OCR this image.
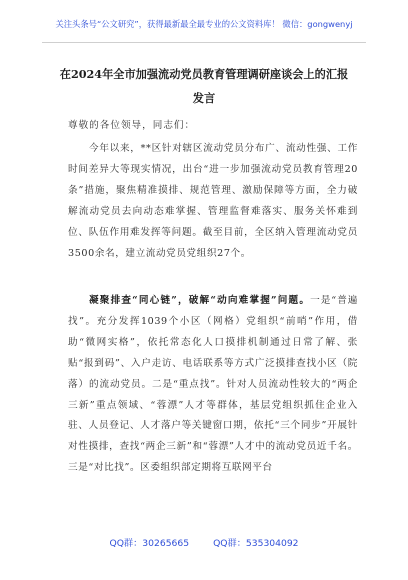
关注头条号“公文研究”，获得最新最全最专业的公文资料库！ 微信：gongwenyj
在2024年全市加强流动党员教育管理调研座谈会上的汇报
发言
尊敬的各位领导，同志们：
今年以来，**区针对辖区流动党员分布广、流动性强、工作时间差异大等现实情况，出台“进一步加强流动党员教育管理20条”措施，聚焦精准摸排、规范管理、激励保障等方面，全力破解流动党员去向动态难掌握、管理监督难落实、服务关怀难到位、队伍作用难发挥等问题。截至目前，全区纳入管理流动党员3500余名，建立流动党员党组织27个。
凝聚排查“同心链”，破解“动向难掌握”问题。一是“普遍找”。充分发挥1039个小区（网格）党组织“前哨”作用，借助“微网实格”，依托常态化人口摸排机制通过日常了解、张贴“报到码”、入户走访、电话联系等方式广泛摸排查找小区（院落）的流动党员。二是“重点找”。针对人员流动性较大的“两企三新”重点领域、“蓉漂”人才等群体，基层党组织抓住企业入驻、人员登记、人才落户等关键窗口期，依托“三个同步”开展针对性摸排，查找“两企三新”和“蓉漂”人才中的流动党员近千名。三是“对比找”。区委组织部定期将互联网平台
QQ群：30265665	QQ群：535304092
